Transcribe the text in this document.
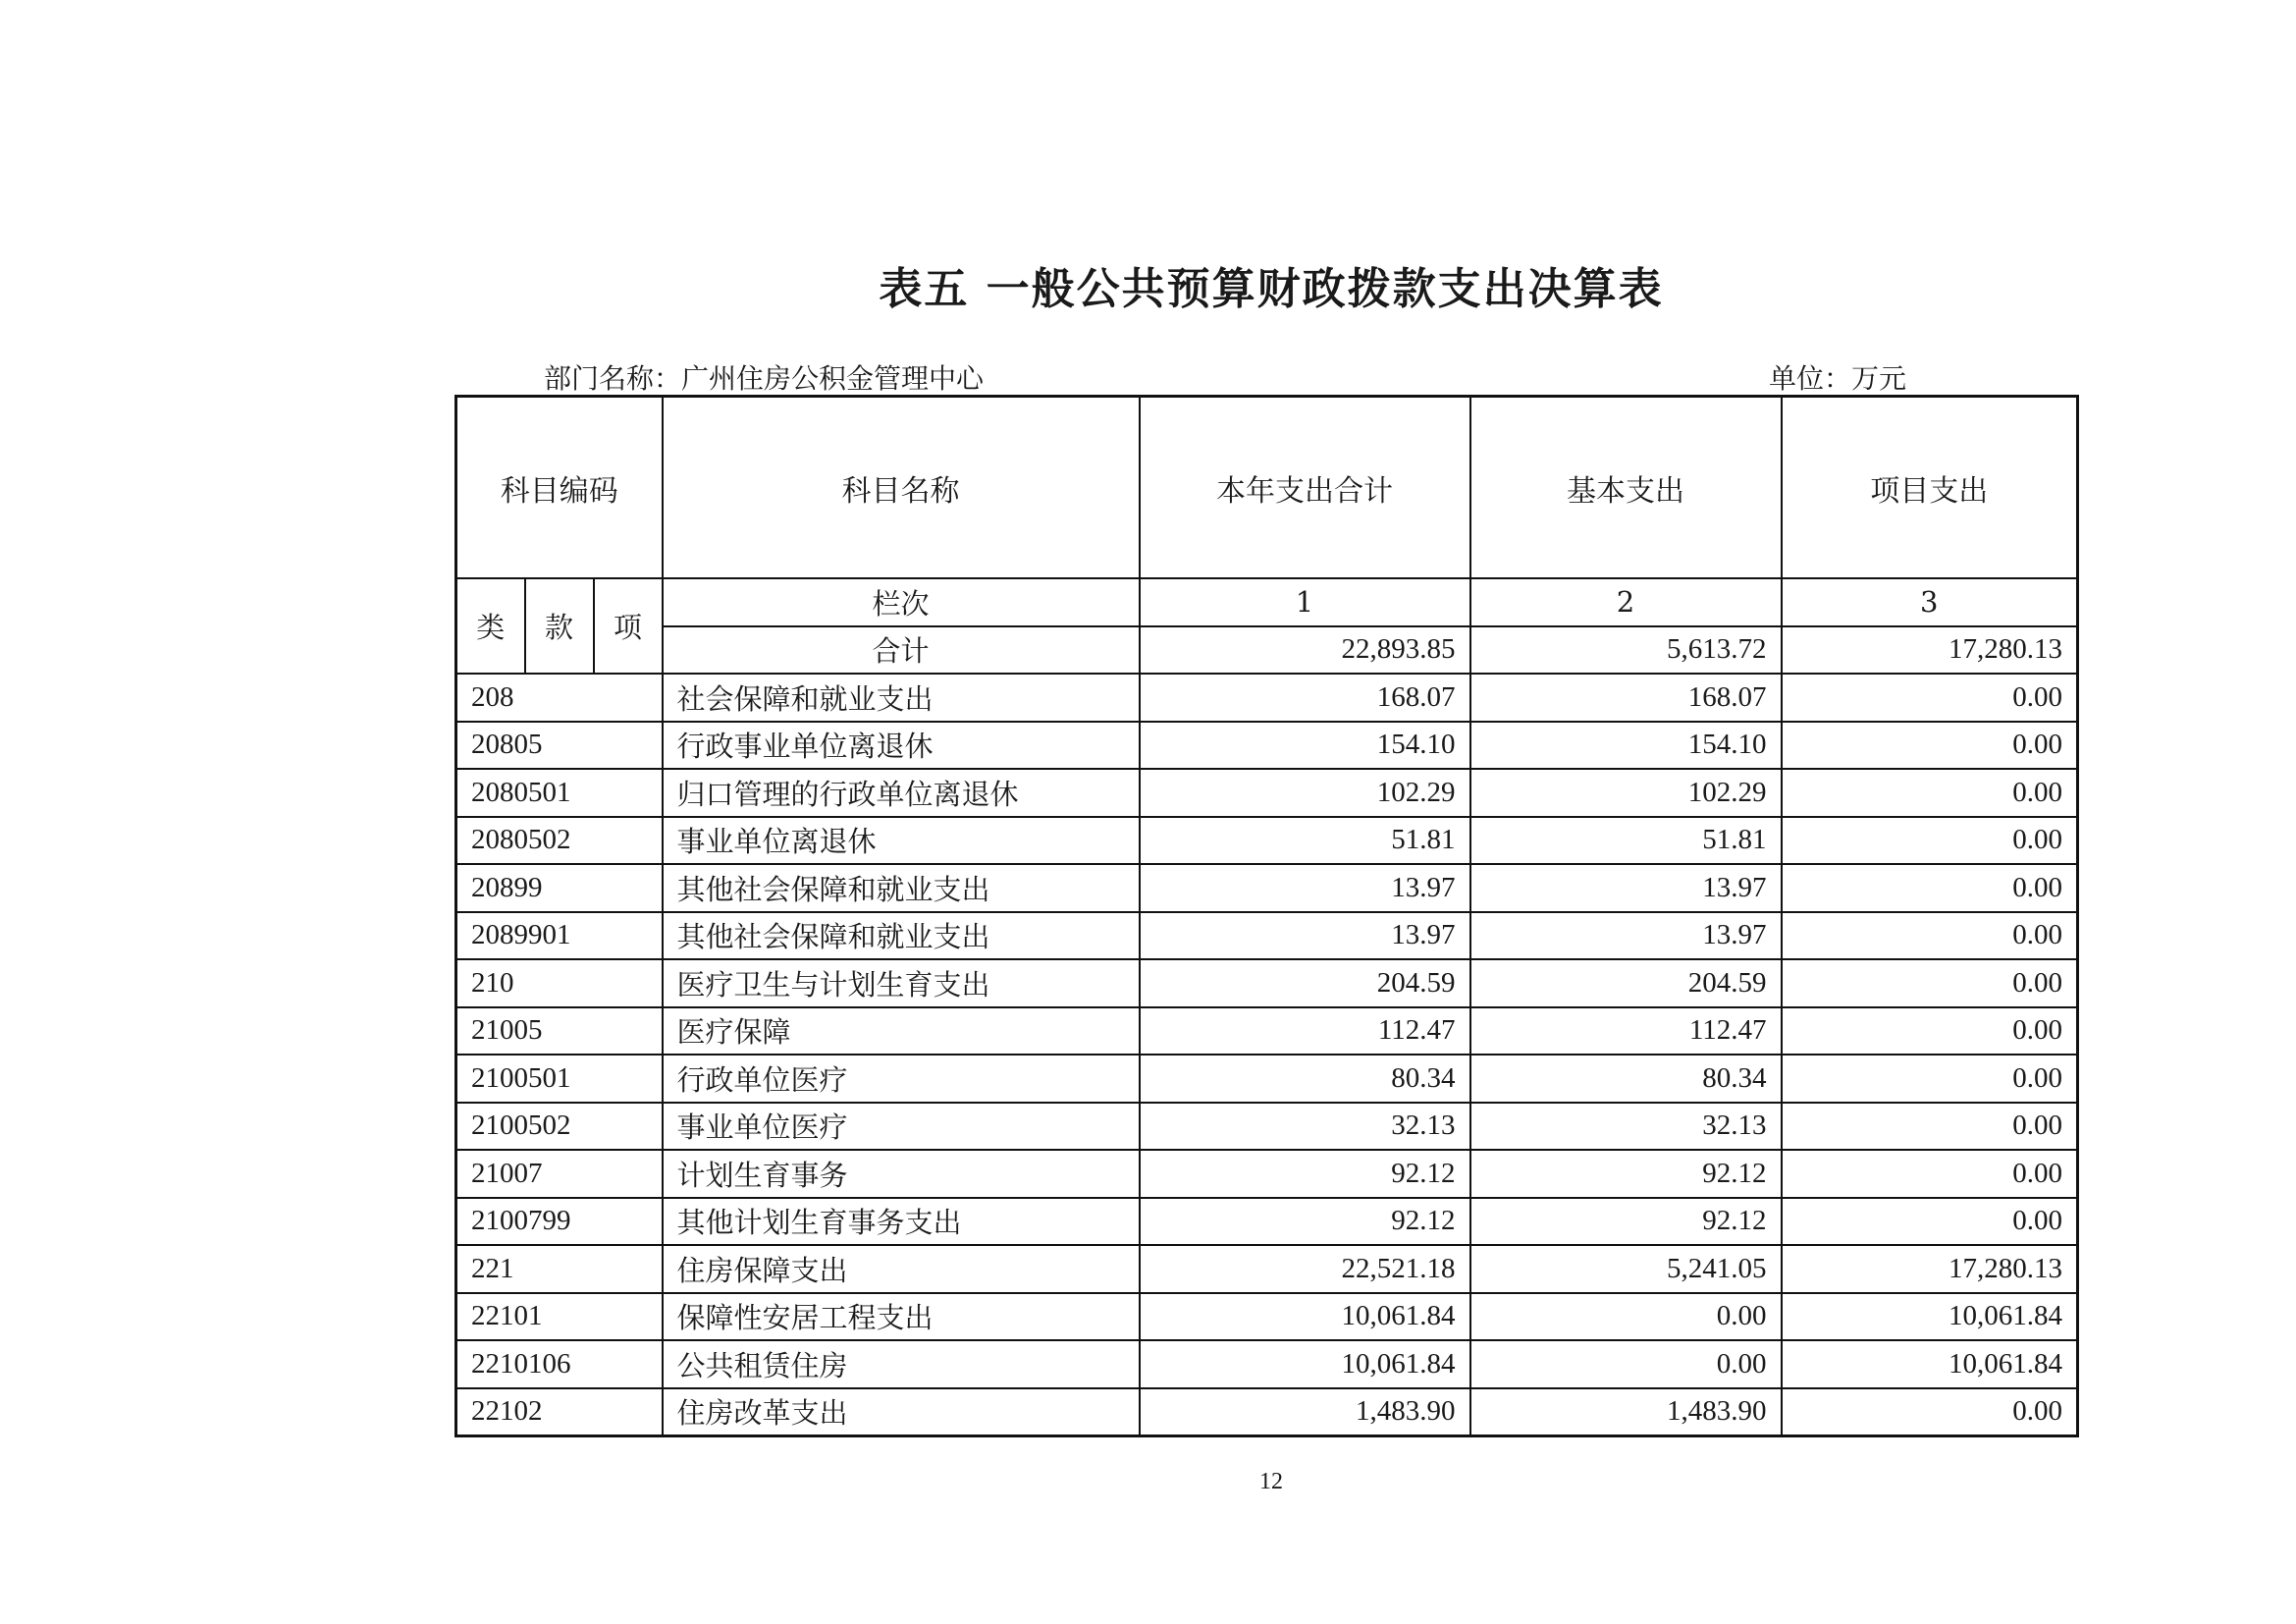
表五 一般公共预算财政拨款支出决算表
部门名称：广州住房公积金管理中心	单位：万元
科目编码			科目名称	本年支出合计	基本支出	项目支出
类	款	项	栏次	1	2	3
			合计	22,893.85	5,613.72	17,280.13
208			社会保障和就业支出	168.07	168.07	0.00
20805			行政事业单位离退休	154.10	154.10	0.00
2080501			归口管理的行政单位离退休	102.29	102.29	0.00
2080502			事业单位离退休	51.81	51.81	0.00
20899			其他社会保障和就业支出	13.97	13.97	0.00
2089901			其他社会保障和就业支出	13.97	13.97	0.00
210			医疗卫生与计划生育支出	204.59	204.59	0.00
21005			医疗保障	112.47	112.47	0.00
2100501			行政单位医疗	80.34	80.34	0.00
2100502			事业单位医疗	32.13	32.13	0.00
21007			计划生育事务	92.12	92.12	0.00
2100799			其他计划生育事务支出	92.12	92.12	0.00
221			住房保障支出	22,521.18	5,241.05	17,280.13
22101			保障性安居工程支出	10,061.84	0.00	10,061.84
2210106			公共租赁住房	10,061.84	0.00	10,061.84
22102			住房改革支出	1,483.90	1,483.90	0.00
12
